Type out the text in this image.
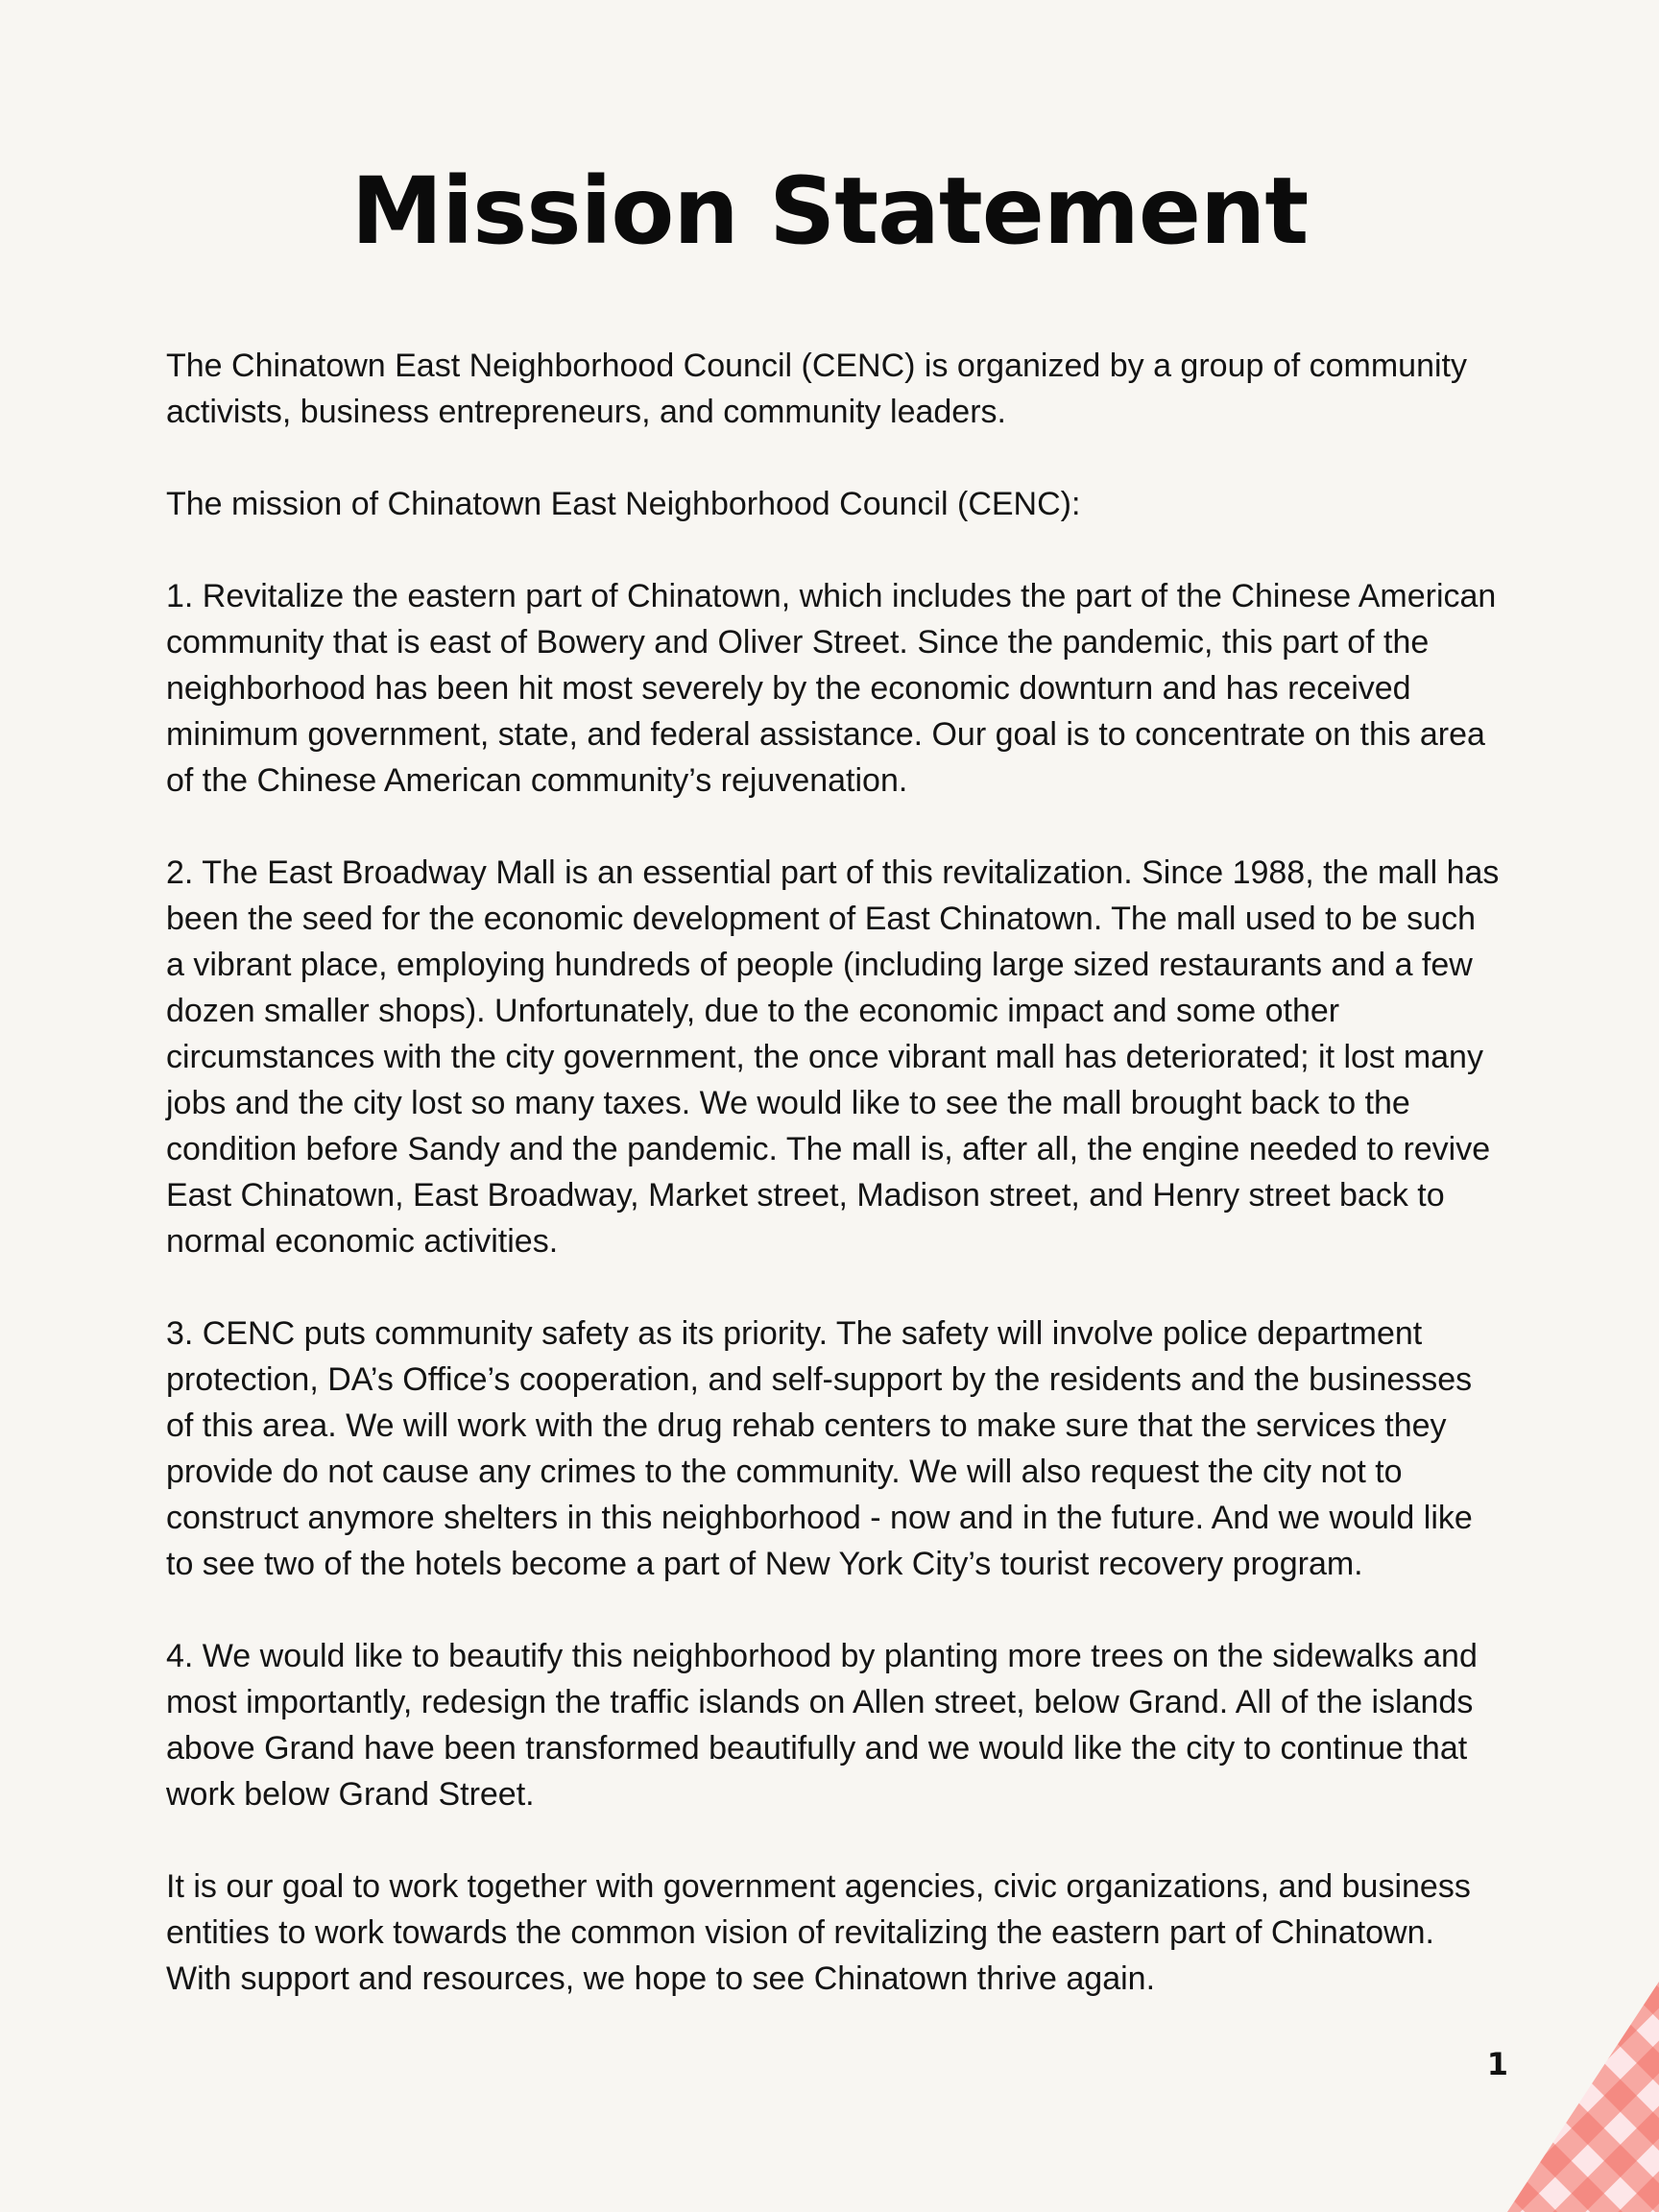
Mission Statement

The Chinatown East Neighborhood Council (CENC) is organized by a group of community activists, business entrepreneurs, and community leaders.

The mission of Chinatown East Neighborhood Council (CENC):

1. Revitalize the eastern part of Chinatown, which includes the part of the Chinese American community that is east of Bowery and Oliver Street. Since the pandemic, this part of the neighborhood has been hit most severely by the economic downturn and has received minimum government, state, and federal assistance. Our goal is to concentrate on this area of the Chinese American community’s rejuvenation.

2. The East Broadway Mall is an essential part of this revitalization. Since 1988, the mall has been the seed for the economic development of East Chinatown. The mall used to be such a vibrant place, employing hundreds of people (including large sized restaurants and a few dozen smaller shops). Unfortunately, due to the economic impact and some other circumstances with the city government, the once vibrant mall has deteriorated; it lost many jobs and the city lost so many taxes. We would like to see the mall brought back to the condition before Sandy and the pandemic. The mall is, after all, the engine needed to revive East Chinatown, East Broadway, Market street, Madison street, and Henry street back to normal economic activities.

3. CENC puts community safety as its priority. The safety will involve police department protection, DA’s Office’s cooperation, and self-support by the residents and the businesses of this area. We will work with the drug rehab centers to make sure that the services they provide do not cause any crimes to the community. We will also request the city not to construct anymore shelters in this neighborhood - now and in the future. And we would like to see two of the hotels become a part of New York City’s tourist recovery program.

4. We would like to beautify this neighborhood by planting more trees on the sidewalks and most importantly, redesign the traffic islands on Allen street, below Grand. All of the islands above Grand have been transformed beautifully and we would like the city to continue that work below Grand Street.

It is our goal to work together with government agencies, civic organizations, and business entities to work towards the common vision of revitalizing the eastern part of Chinatown. With support and resources, we hope to see Chinatown thrive again.

1
